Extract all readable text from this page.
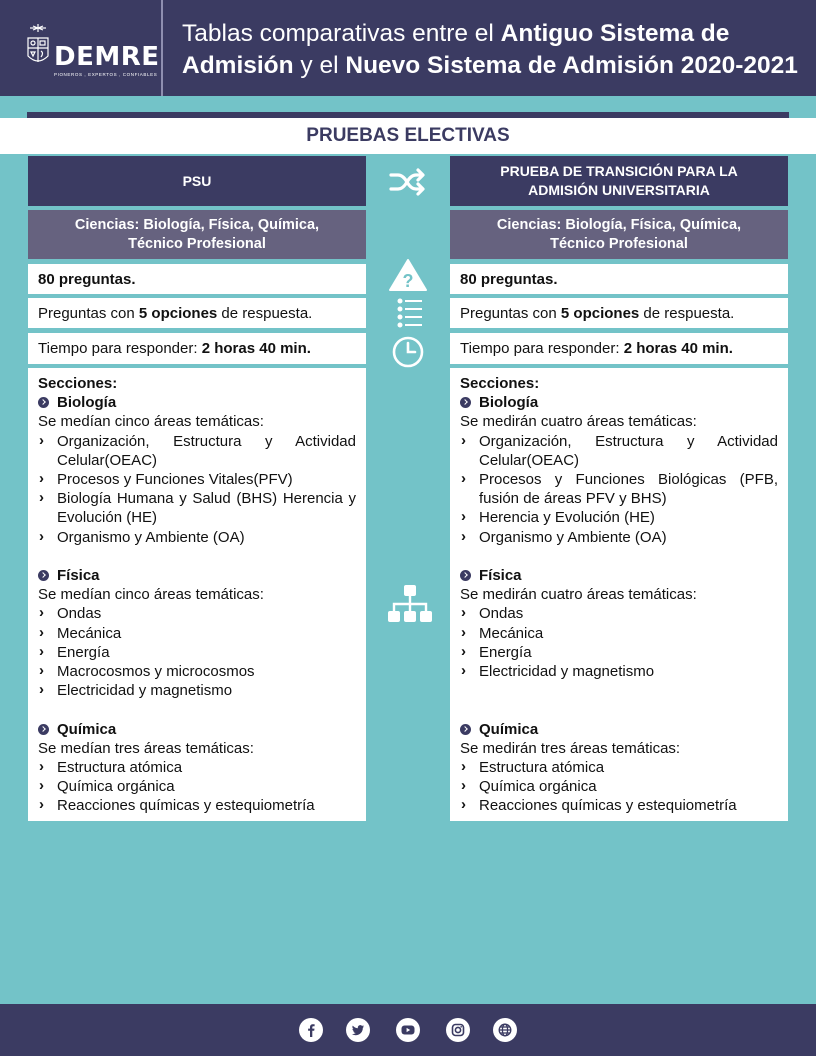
DEMRE
PIONEROS , EXPERTOS , CONFIABLES
Tablas comparativas entre el Antiguo Sistema de Admisión y el Nuevo Sistema de Admisión 2020-2021
PRUEBAS ELECTIVAS
PSU
Ciencias: Biología, Física, Química, Técnico Profesional
80 preguntas.
Preguntas con 5 opciones de respuesta.
Tiempo para responder: 2 horas 40 min.
Secciones:
Biología
Se medían cinco áreas temáticas:
› Organización, Estructura y Actividad Celular(OEAC)
› Procesos y Funciones Vitales(PFV)
› Biología Humana y Salud (BHS) Herencia y Evolución (HE)
› Organismo y Ambiente (OA)
Física
Se medían cinco áreas temáticas:
› Ondas
› Mecánica
› Energía
› Macrocosmos y microcosmos
› Electricidad y magnetismo
Química
Se medían tres áreas temáticas:
› Estructura atómica
› Química orgánica
› Reacciones químicas y estequiometría
PRUEBA DE TRANSICIÓN PARA LA ADMISIÓN UNIVERSITARIA
Ciencias: Biología, Física, Química, Técnico Profesional
80 preguntas.
Preguntas con 5 opciones de respuesta.
Tiempo para responder: 2 horas 40 min.
Secciones:
Biología
Se medirán cuatro áreas temáticas:
› Organización, Estructura y Actividad Celular(OEAC)
› Procesos y Funciones Biológicas (PFB, fusión de áreas PFV y BHS)
› Herencia y Evolución (HE)
› Organismo y Ambiente (OA)
Física
Se medirán cuatro áreas temáticas:
› Ondas
› Mecánica
› Energía
› Electricidad y magnetismo
Química
Se medirán tres áreas temáticas:
› Estructura atómica
› Química orgánica
› Reacciones químicas y estequiometría
?
